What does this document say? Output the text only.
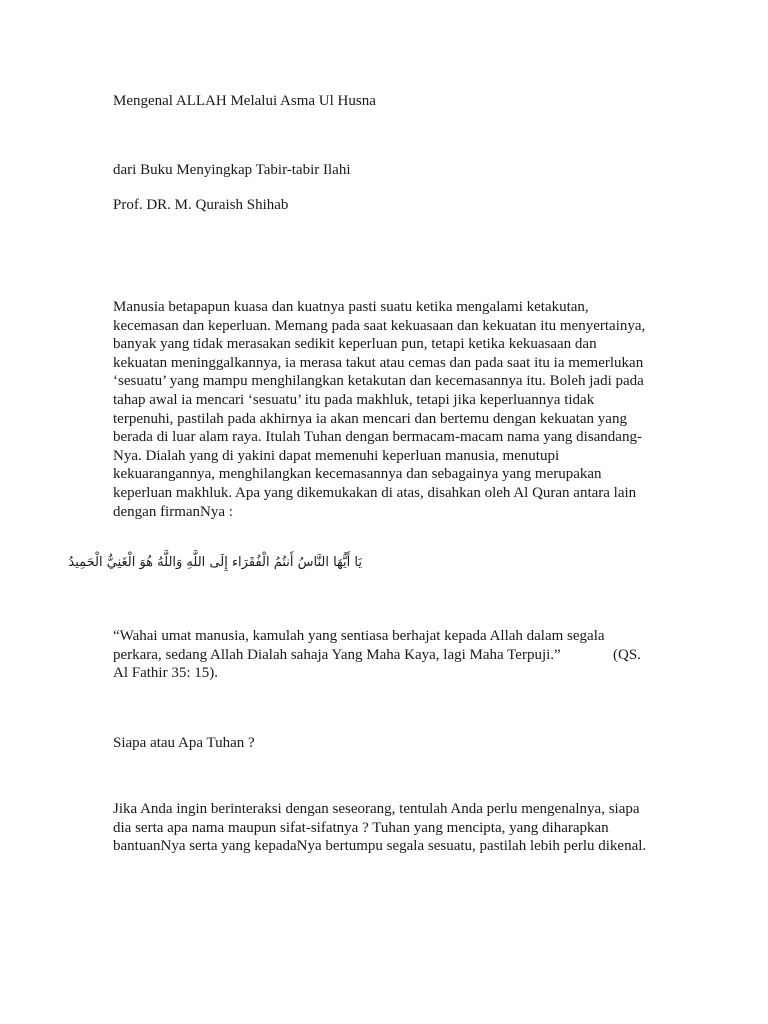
Mengenal ALLAH Melalui Asma Ul Husna
dari Buku Menyingkap Tabir-tabir Ilahi
Prof. DR. M. Quraish Shihab
Manusia betapapun kuasa dan kuatnya pasti suatu ketika mengalami ketakutan,
kecemasan dan keperluan. Memang pada saat kekuasaan dan kekuatan itu menyertainya,
banyak yang tidak merasakan sedikit keperluan pun, tetapi ketika kekuasaan dan
kekuatan meninggalkannya, ia merasa takut atau cemas dan pada saat itu ia memerlukan
‘sesuatu’ yang mampu menghilangkan ketakutan dan kecemasannya itu. Boleh jadi pada
tahap awal ia mencari ‘sesuatu’ itu pada makhluk, tetapi jika keperluannya tidak
terpenuhi, pastilah pada akhirnya ia akan mencari dan bertemu dengan kekuatan yang
berada di luar alam raya. Itulah Tuhan dengan bermacam-macam nama yang disandang-
Nya. Dialah yang di yakini dapat memenuhi keperluan manusia, menutupi
kekuarangannya, menghilangkan kecemasannya dan sebagainya yang merupakan
keperluan makhluk. Apa yang dikemukakan di atas, disahkan oleh Al Quran antara lain
dengan firmanNya :
يَا أَيُّهَا النَّاسُ أَنتُمُ الْفُقَرَاء إِلَى اللَّهِ وَاللَّهُ هُوَ الْغَنِيُّ الْحَمِيدُ
“Wahai umat manusia, kamulah yang sentiasa berhajat kepada Allah dalam segala
perkara, sedang Allah Dialah sahaja Yang Maha Kaya, lagi Maha Terpuji.”	(QS.
Al Fathir 35: 15).
Siapa atau Apa Tuhan ?
Jika Anda ingin berinteraksi dengan seseorang, tentulah Anda perlu mengenalnya, siapa
dia serta apa nama maupun sifat-sifatnya ? Tuhan yang mencipta, yang diharapkan
bantuanNya serta yang kepadaNya bertumpu segala sesuatu, pastilah lebih perlu dikenal.
